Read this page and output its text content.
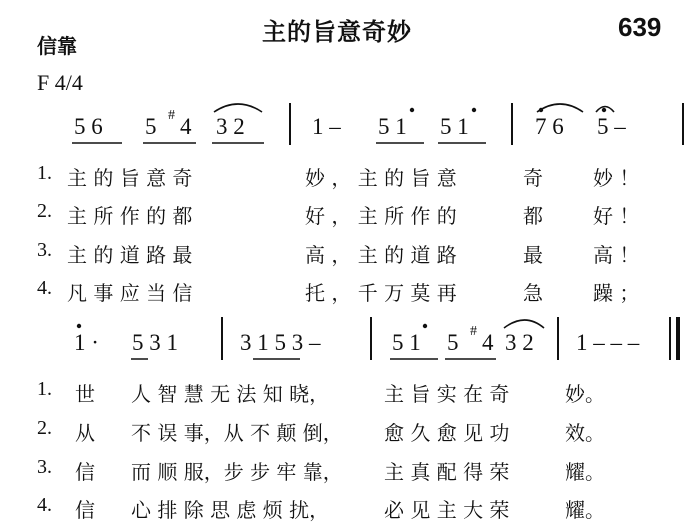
信靠	主的旨意奇妙	639
F 4/4
5 6 5 # 4 3 2	1 – 5 1 5 1	7 6 5 –
1. 主 的 旨 意 奇	妙 ， 主 的 旨 意	奇	妙 ！
2. 主 所 作 的 都	好 ， 主 所 作 的	都	好 ！
3. 主 的 道 路 最	高 ， 主 的 道 路	最	高 ！
4. 凡 事 应 当 信	托 ， 千 万 莫 再	急	躁 ；
1 · 5 3 1	3 1 5 3 –	5 1 5 # 4 3 2 1 – – –
1. 世 人 智 慧 无 法 知 晓，	主 旨 实 在 奇	妙。
2. 从 不 误 事，从 不 颠 倒， 愈 久 愈 见 功	效。
3. 信 而 顺 服，步 步 牢 靠， 主 真 配 得 荣	耀。
4. 信 心 排 除 思 虑 烦 扰，	必 见 主 大 荣	耀。
